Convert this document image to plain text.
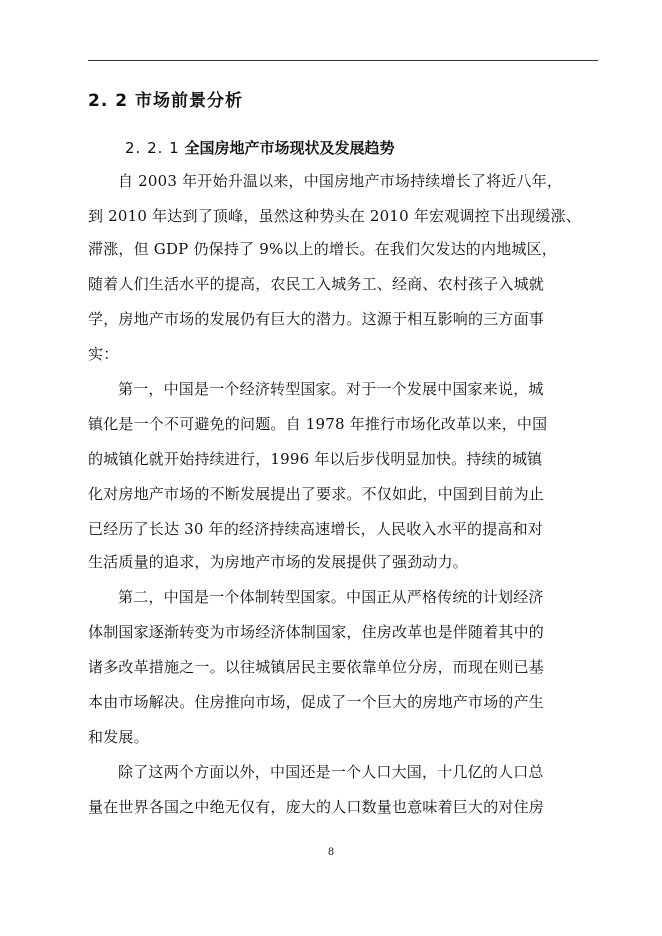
2. 2 市场前景分析
2. 2. 1 全国房地产市场现状及发展趋势
自 2003 年开始升温以来，中国房地产市场持续增长了将近八年，
到 2010 年达到了顶峰，虽然这种势头在 2010 年宏观调控下出现缓涨、
滞涨，但 GDP 仍保持了 9%以上的增长。在我们欠发达的内地城区，
随着人们生活水平的提高，农民工入城务工、经商、农村孩子入城就
学，房地产市场的发展仍有巨大的潜力。这源于相互影响的三方面事
实：
第一，中国是一个经济转型国家。对于一个发展中国家来说，城
镇化是一个不可避免的问题。自 1978 年推行市场化改革以来，中国
的城镇化就开始持续进行，1996 年以后步伐明显加快。持续的城镇
化对房地产市场的不断发展提出了要求。不仅如此，中国到目前为止
已经历了长达 30 年的经济持续高速增长，人民收入水平的提高和对
生活质量的追求，为房地产市场的发展提供了强劲动力。
第二，中国是一个体制转型国家。中国正从严格传统的计划经济
体制国家逐渐转变为市场经济体制国家，住房改革也是伴随着其中的
诸多改革措施之一。以往城镇居民主要依靠单位分房，而现在则已基
本由市场解决。住房推向市场，促成了一个巨大的房地产市场的产生
和发展。
除了这两个方面以外，中国还是一个人口大国，十几亿的人口总
量在世界各国之中绝无仅有，庞大的人口数量也意味着巨大的对住房
8
